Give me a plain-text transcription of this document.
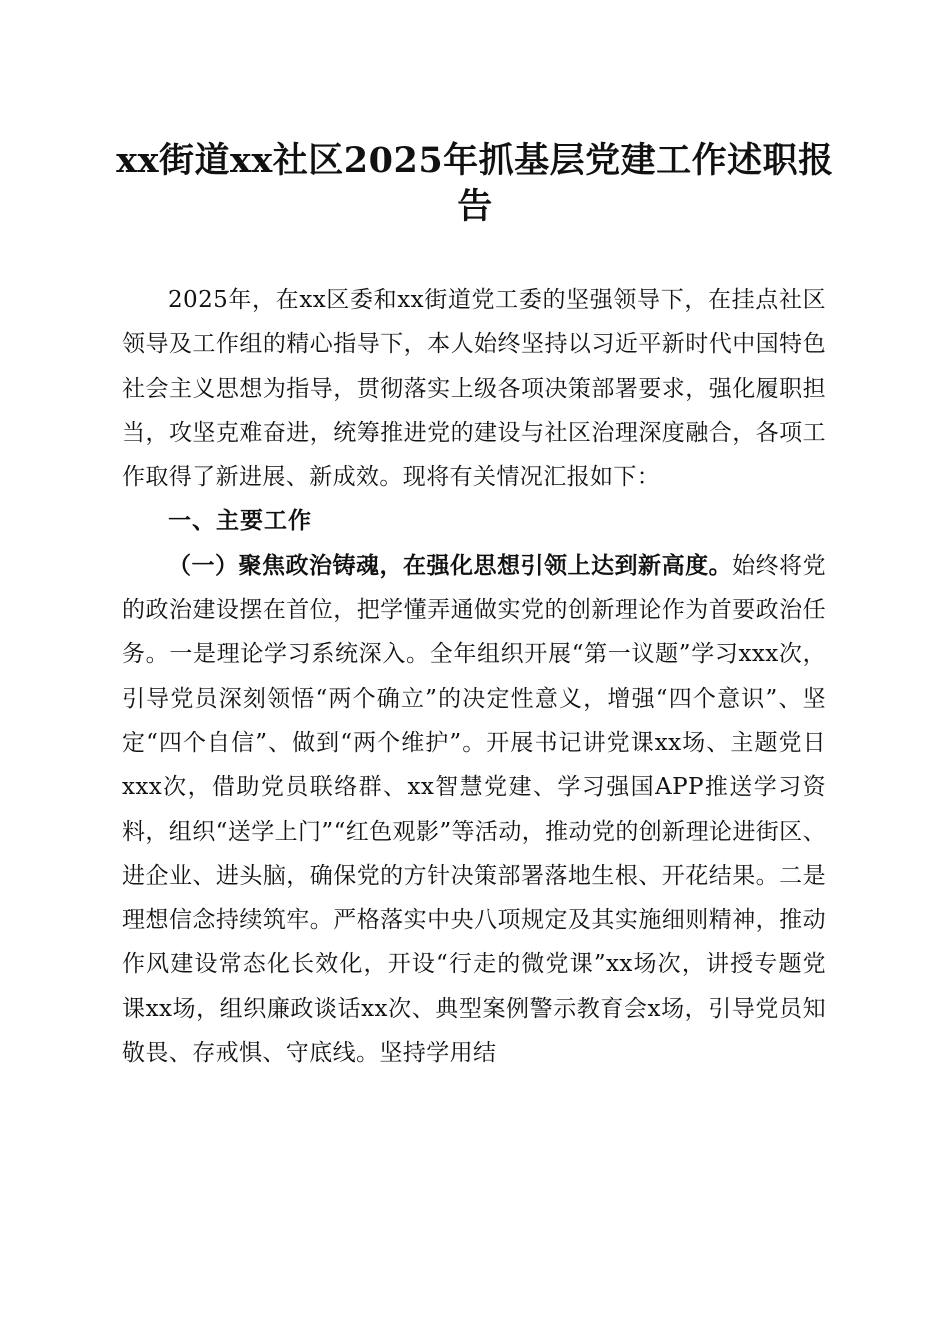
xx街道xx社区2025年抓基层党建工作述职报告

2025年，在xx区委和xx街道党工委的坚强领导下，在挂点社区领导及工作组的精心指导下，本人始终坚持以习近平新时代中国特色社会主义思想为指导，贯彻落实上级各项决策部署要求，强化履职担当，攻坚克难奋进，统筹推进党的建设与社区治理深度融合，各项工作取得了新进展、新成效。现将有关情况汇报如下：

一、主要工作

（一）聚焦政治铸魂，在强化思想引领上达到新高度。始终将党的政治建设摆在首位，把学懂弄通做实党的创新理论作为首要政治任务。一是理论学习系统深入。全年组织开展“第一议题”学习xxx次，引导党员深刻领悟“两个确立”的决定性意义，增强“四个意识”、坚定“四个自信”、做到“两个维护”。开展书记讲党课xx场、主题党日xxx次，借助党员联络群、xx智慧党建、学习强国APP推送学习资料，组织“送学上门”“红色观影”等活动，推动党的创新理论进街区、进企业、进头脑，确保党的方针决策部署落地生根、开花结果。二是理想信念持续筑牢。严格落实中央八项规定及其实施细则精神，推动作风建设常态化长效化，开设“行走的微党课”xx场次，讲授专题党课xx场，组织廉政谈话xx次、典型案例警示教育会x场，引导党员知敬畏、存戒惧、守底线。坚持学用结
